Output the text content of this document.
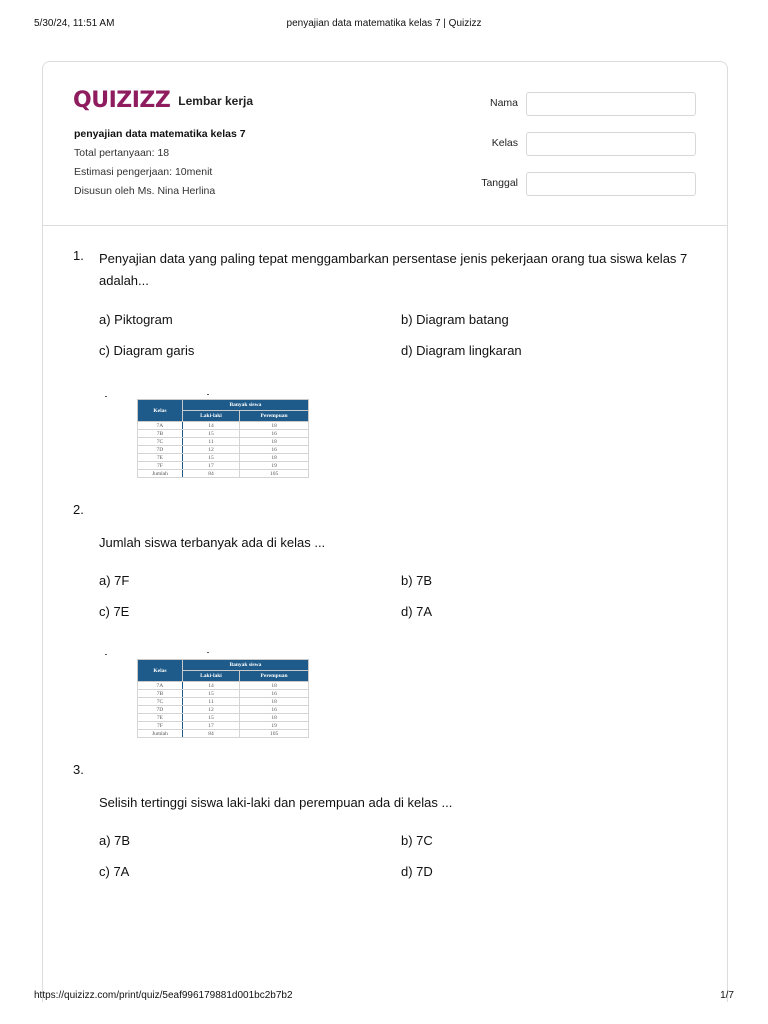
5/30/24, 11:51 AM	penyajian data matematika kelas 7 | Quizizz
QUIZIZZ Lembar kerja
penyajian data matematika kelas 7
Total pertanyaan: 18
Estimasi pengerjaan: 10menit
Disusun oleh Ms. Nina Herlina
Nama
Kelas
Tanggal
1. Penyajian data yang paling tepat menggambarkan persentase jenis pekerjaan orang tua siswa kelas 7 adalah...
a) Piktogram	b) Diagram batang
c) Diagram garis	d) Diagram lingkaran
Kelas	Banyak siswa	
	Laki-laki	Perempuan
7A	14	18
7B	15	16
7C	11	18
7D	12	16
7E	15	18
7F	17	19
Jumlah	84	105
2.
Jumlah siswa terbanyak ada di kelas ...
a) 7F	b) 7B
c) 7E	d) 7A
Kelas	Banyak siswa	
	Laki-laki	Perempuan
7A	14	18
7B	15	16
7C	11	18
7D	12	16
7E	15	18
7F	17	19
Jumlah	84	105
3.
Selisih tertinggi siswa laki-laki dan perempuan ada di kelas ...
a) 7B	b) 7C
c) 7A	d) 7D
https://quizizz.com/print/quiz/5eaf996179881d001bc2b7b2	1/7
